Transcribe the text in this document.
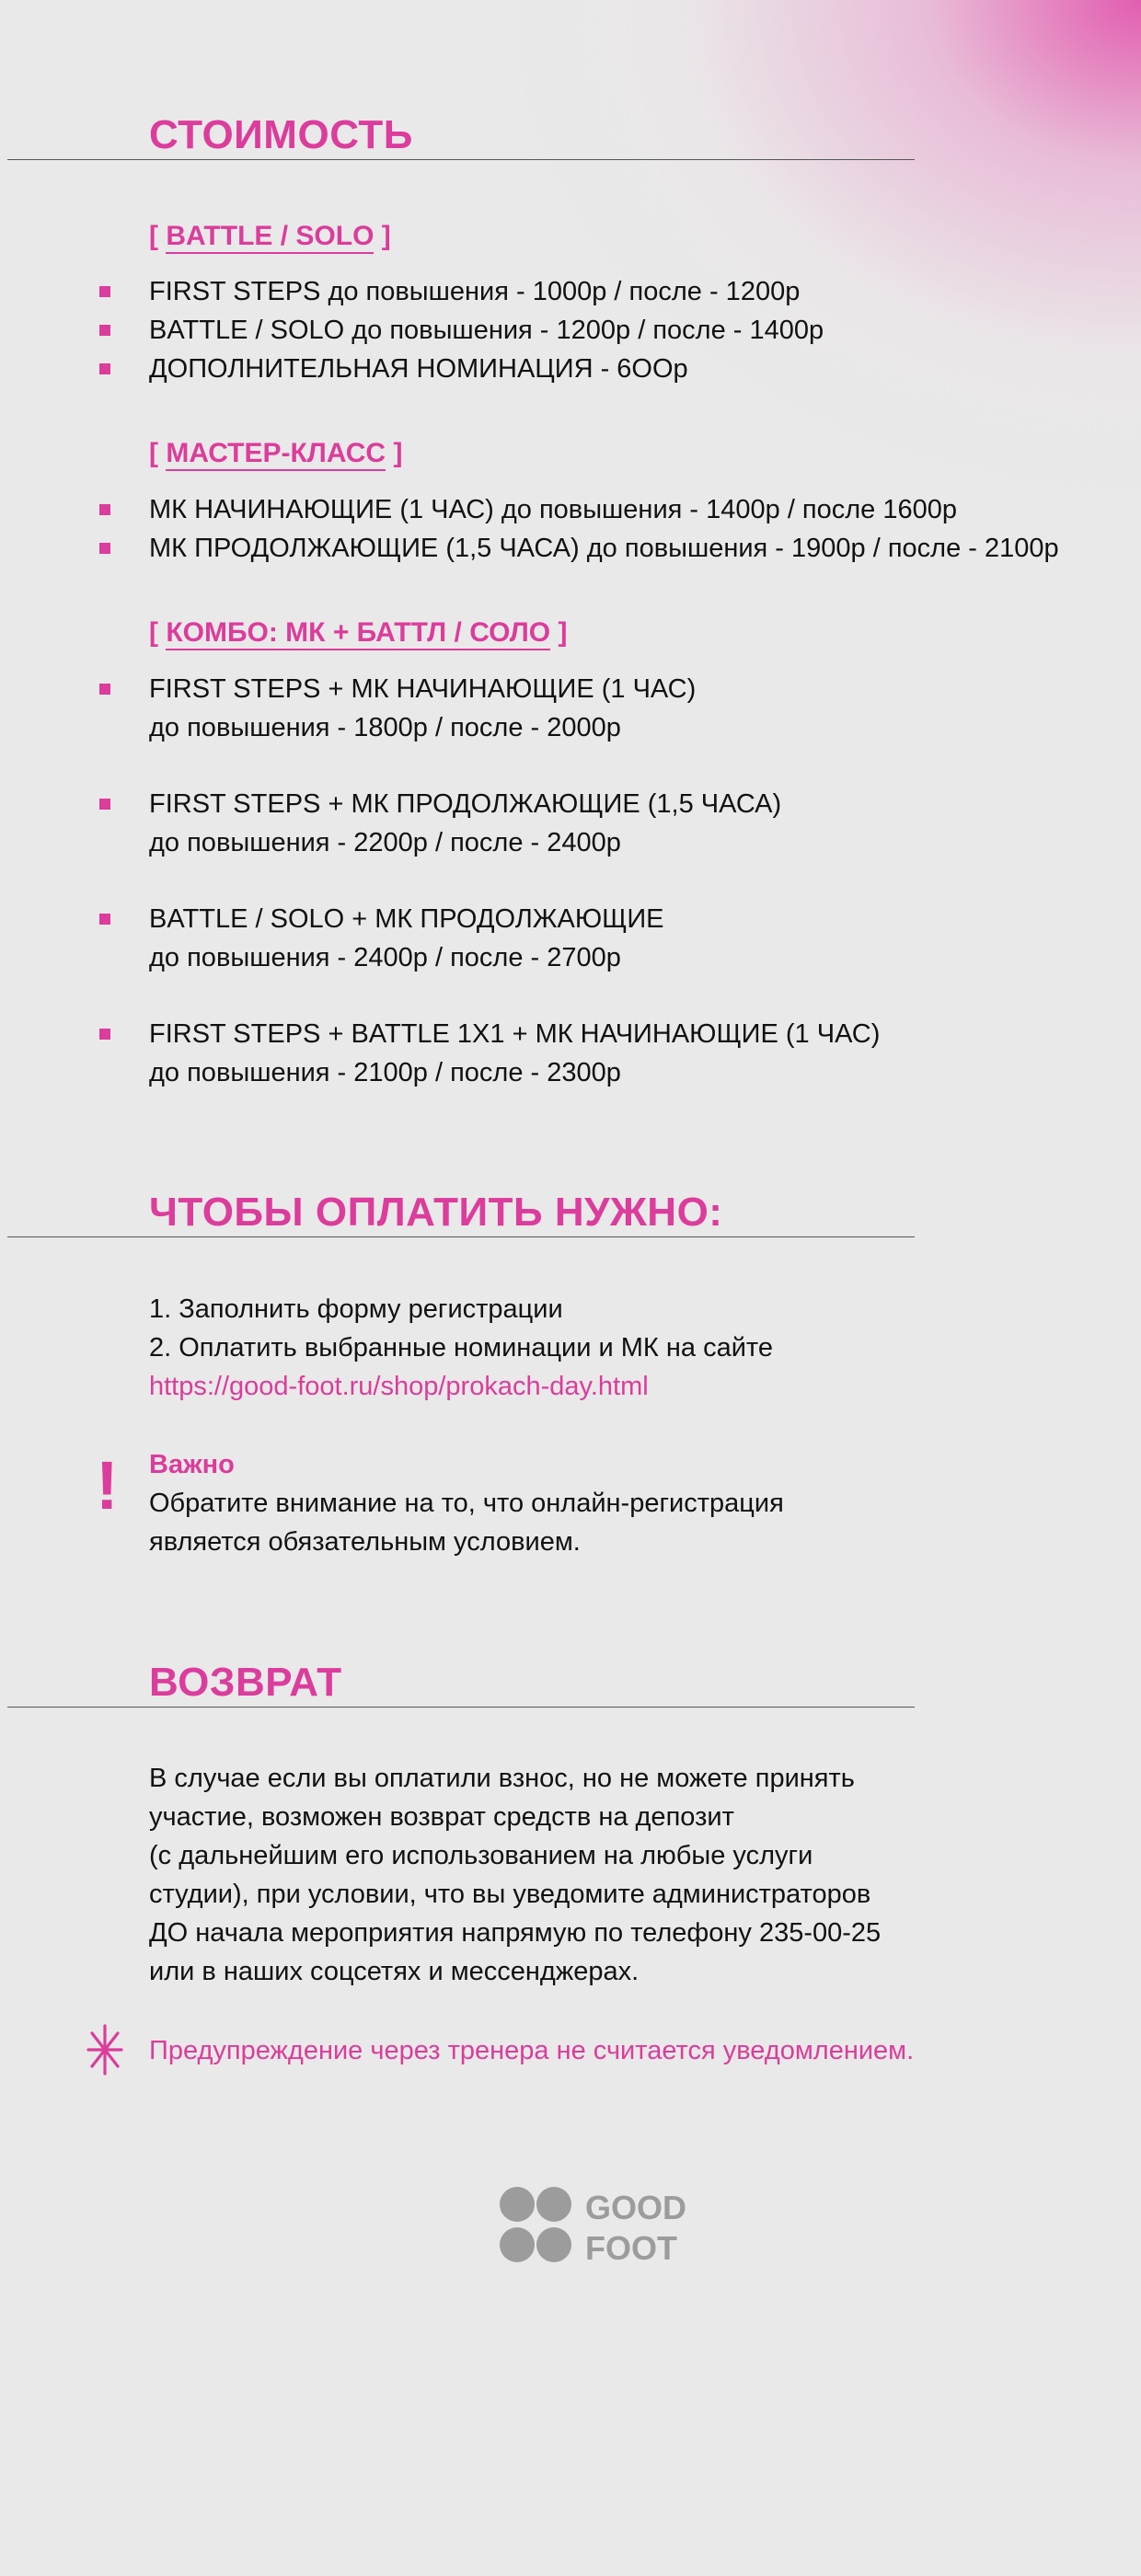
СТОИМОСТЬ
[ BATTLE / SOLO ]
FIRST STEPS до повышения - 1000р / после - 1200р
BATTLE / SOLO до повышения - 1200р / после - 1400р
ДОПОЛНИТЕЛЬНАЯ НОМИНАЦИЯ - 6ООр
[ МАСТЕР-КЛАСС ]
МК НАЧИНАЮЩИЕ (1 ЧАС) до повышения - 1400р / после 1600р
МК ПРОДОЛЖАЮЩИЕ (1,5 ЧАСА) до повышения - 1900р / после - 2100р
[ КОМБО: МК + БАТТЛ / СОЛО ]
FIRST STEPS + МК НАЧИНАЮЩИЕ (1 ЧАС)
до повышения - 1800р / после - 2000р
FIRST STEPS + МК ПРОДОЛЖАЮЩИЕ (1,5 ЧАСА)
до повышения - 2200р / после - 2400р
BATTLE / SOLO + МК ПРОДОЛЖАЮЩИЕ
до повышения - 2400р / после - 2700р
FIRST STEPS + BATTLE 1X1 + МК НАЧИНАЮЩИЕ (1 ЧАС)
до повышения - 2100р / после - 2300р
ЧТОБЫ ОПЛАТИТЬ НУЖНО:
1. Заполнить форму регистрации
2. Оплатить выбранные номинации и МК на сайте
https://good-foot.ru/shop/prokach-day.html
! Важно
Обратите внимание на то, что онлайн-регистрация
является обязательным условием.
ВОЗВРАТ
В случае если вы оплатили взнос, но не можете принять
участие, возможен возврат средств на депозит
(с дальнейшим его использованием на любые услуги
студии), при условии, что вы уведомите администраторов
ДО начала мероприятия напрямую по телефону 235-00-25
или в наших соцсетях и мессенджерах.
Предупреждение через тренера не считается уведомлением.
GOOD
FOOT
